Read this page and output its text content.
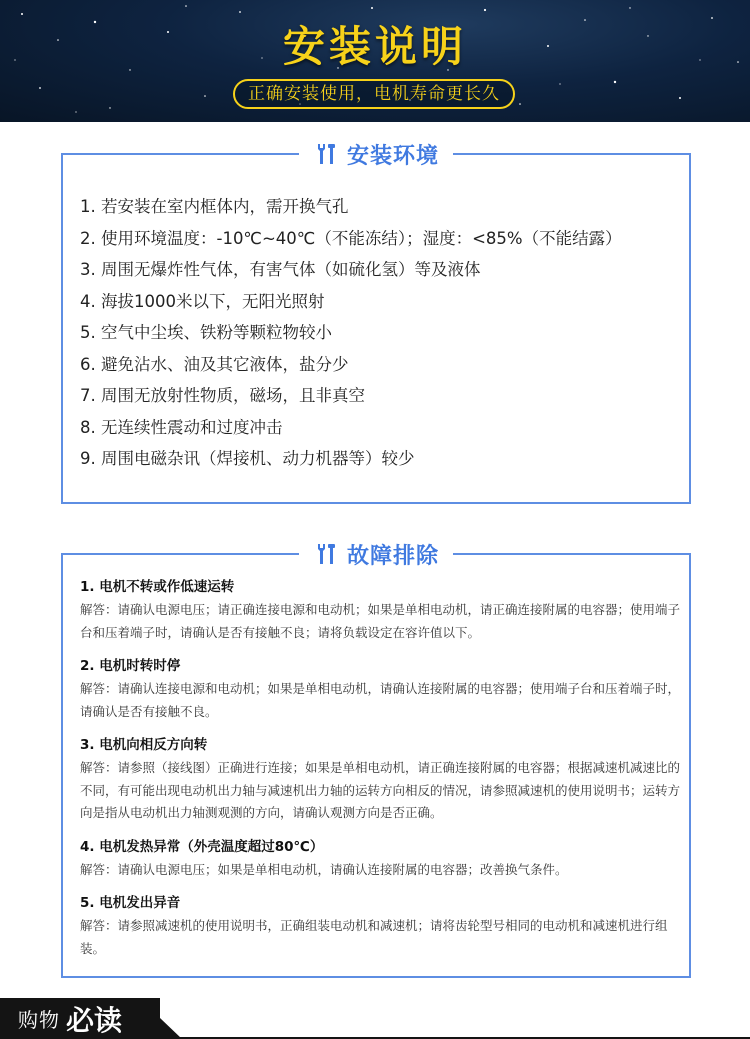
安装说明
正确安装使用，电机寿命更长久
安装环境
1. 若安装在室内框体内，需开换气孔
2. 使用环境温度：-10℃~40℃（不能冻结）；湿度：<85%（不能结露）
3. 周围无爆炸性气体，有害气体（如硫化氢）等及液体
4. 海拔1000米以下，无阳光照射
5. 空气中尘埃、铁粉等颗粒物较小
6. 避免沾水、油及其它液体，盐分少
7. 周围无放射性物质，磁场，且非真空
8. 无连续性震动和过度冲击
9. 周围电磁杂讯（焊接机、动力机器等）较少
故障排除
1. 电机不转或作低速运转
解答：请确认电源电压；请正确连接电源和电动机；如果是单相电动机，请正确连接附属的电容器；使用端子台和压着端子时，请确认是否有接触不良；请将负载设定在容许值以下。
2. 电机时转时停
解答：请确认连接电源和电动机；如果是单相电动机，请确认连接附属的电容器；使用端子台和压着端子时，请确认是否有接触不良。
3. 电机向相反方向转
解答：请参照（接线图）正确进行连接；如果是单相电动机，请正确连接附属的电容器；根据减速机减速比的不同，有可能出现电动机出力轴与减速机出力轴的运转方向相反的情况，请参照减速机的使用说明书；运转方向是指从电动机出力轴测观测的方向，请确认观测方向是否正确。
4. 电机发热异常（外壳温度超过80℃）
解答：请确认电源电压；如果是单相电动机，请确认连接附属的电容器；改善换气条件。
5. 电机发出异音
解答：请参照减速机的使用说明书，正确组装电动机和减速机；请将齿轮型号相同的电动机和减速机进行组装。
购物 必读
